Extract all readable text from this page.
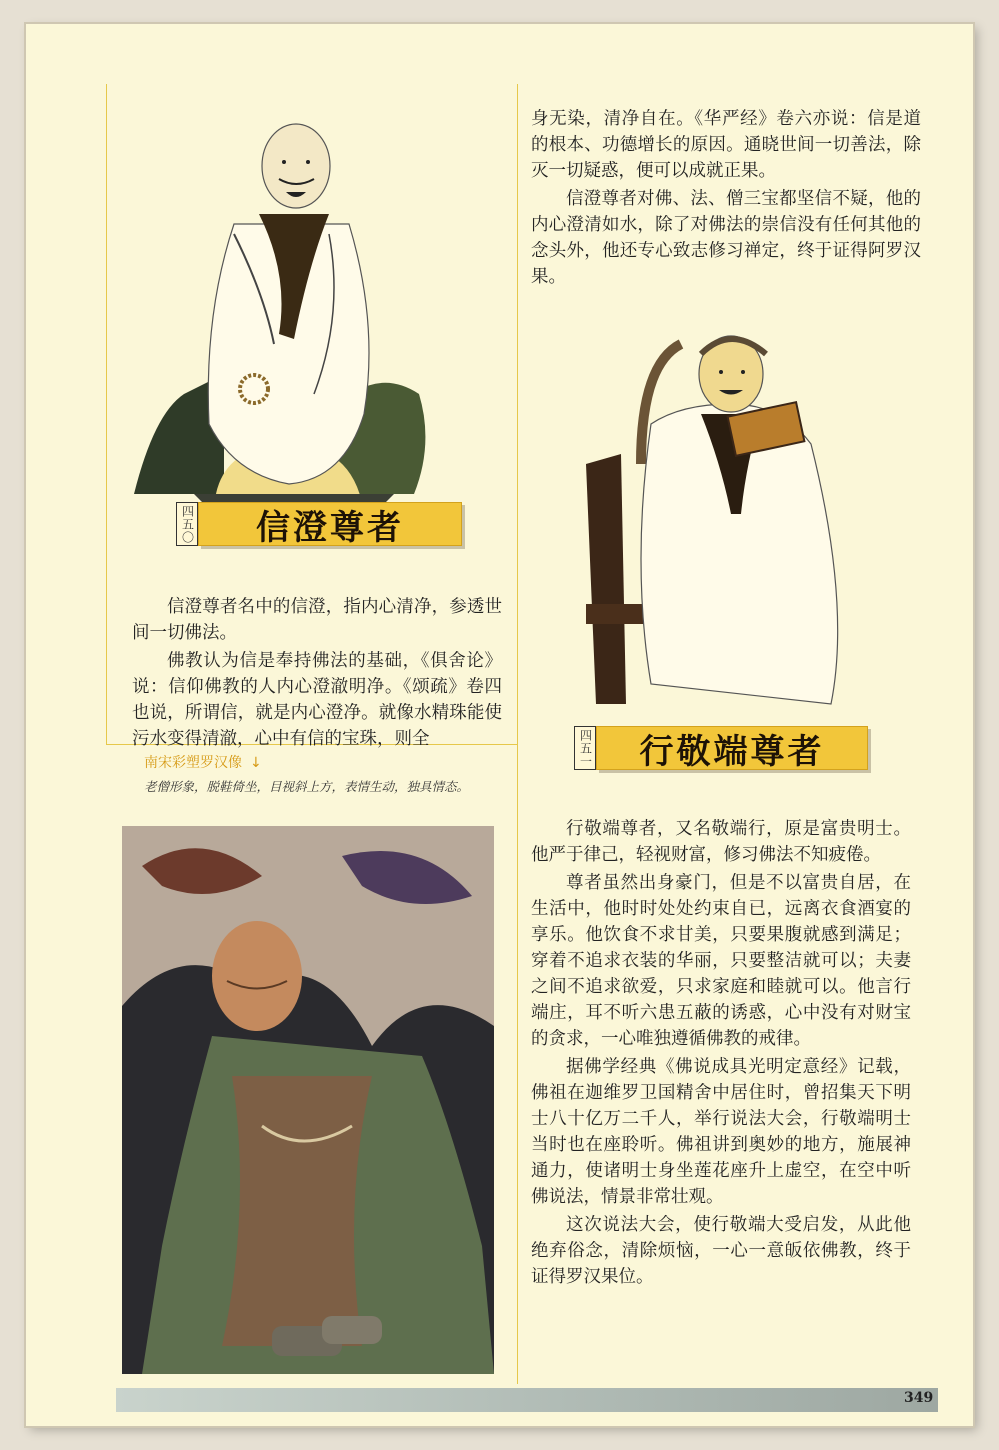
四五〇	信澄尊者

信澄尊者名中的信澄，指内心清净，参透世间一切佛法。

佛教认为信是奉持佛法的基础，《俱舍论》说：信仰佛教的人内心澄澈明净。《颂疏》卷四也说，所谓信，就是内心澄净。就像水精珠能使污水变得清澈，心中有信的宝珠，则全

南宋彩塑罗汉像 ↓
老僧形象，脱鞋倚坐，目视斜上方，表情生动，独具情态。

身无染，清净自在。《华严经》卷六亦说：信是道的根本、功德增长的原因。通晓世间一切善法，除灭一切疑惑，便可以成就正果。

信澄尊者对佛、法、僧三宝都坚信不疑，他的内心澄清如水，除了对佛法的崇信没有任何其他的念头外，他还专心致志修习禅定，终于证得阿罗汉果。

四五一	行敬端尊者

行敬端尊者，又名敬端行，原是富贵明士。他严于律己，轻视财富，修习佛法不知疲倦。

尊者虽然出身豪门，但是不以富贵自居，在生活中，他时时处处约束自已，远离衣食酒宴的享乐。他饮食不求甘美，只要果腹就感到满足；穿着不追求衣装的华丽，只要整洁就可以；夫妻之间不追求欲爱，只求家庭和睦就可以。他言行端庄，耳不听六患五蔽的诱惑，心中没有对财宝的贪求，一心唯独遵循佛教的戒律。

据佛学经典《佛说成具光明定意经》记载，佛祖在迦维罗卫国精舍中居住时，曾招集天下明士八十亿万二千人，举行说法大会，行敬端明士当时也在座聆听。佛祖讲到奥妙的地方，施展神通力，使诸明士身坐莲花座升上虚空，在空中听佛说法，情景非常壮观。

这次说法大会，使行敬端大受启发，从此他绝弃俗念，清除烦恼，一心一意皈依佛教，终于证得罗汉果位。

349
